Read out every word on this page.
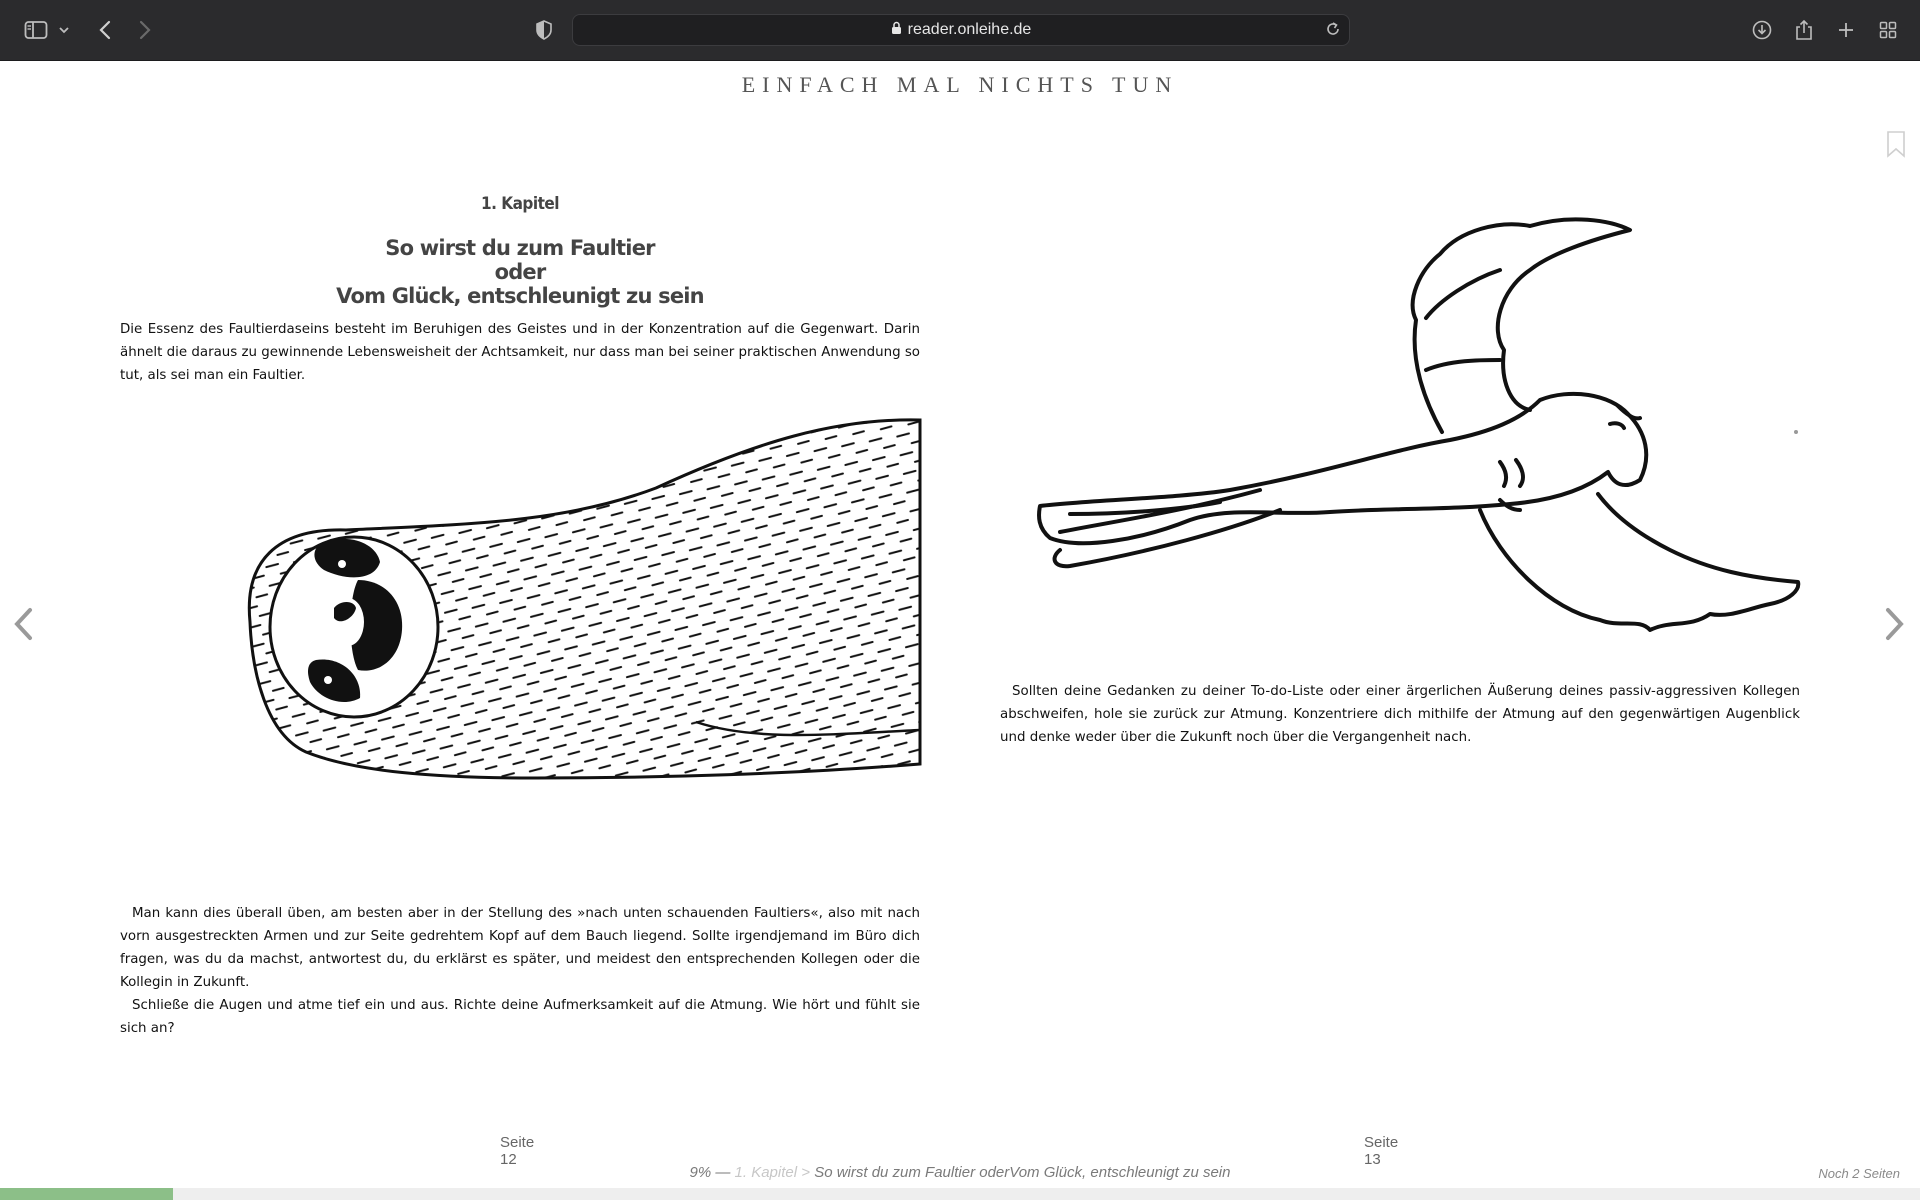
reader.onleihe.de
EINFACH MAL NICHTS TUN
1. Kapitel
So wirst du zum Faultier
oder
Vom Glück, entschleunigt zu sein

Die Essenz des Faultierdaseins besteht im Beruhigen des Geistes und in der Konzentration auf die Gegenwart. Darin ähnelt die daraus zu gewinnende Lebensweisheit der Achtsamkeit, nur dass man bei seiner praktischen Anwendung so tut, als sei man ein Faultier.

Man kann dies überall üben, am besten aber in der Stellung des »nach unten schauenden Faultiers«, also mit nach vorn ausgestreckten Armen und zur Seite gedrehtem Kopf auf dem Bauch liegend. Sollte irgendjemand im Büro dich fragen, was du da machst, antwortest du, du erklärst es später, und meidest den entsprechenden Kollegen oder die Kollegin in Zukunft.

Schließe die Augen und atme tief ein und aus. Richte deine Aufmerksamkeit auf die Atmung. Wie hört und fühlt sie sich an?

Seite 12

Sollten deine Gedanken zu deiner To-do-Liste oder einer ärgerlichen Äußerung deines passiv-aggressiven Kollegen abschweifen, hole sie zurück zur Atmung. Konzentriere dich mithilfe der Atmung auf den gegenwärtigen Augenblick und denke weder über die Zukunft noch über die Vergangenheit nach.

Seite 13
9% — 1. Kapitel > So wirst du zum Faultier oderVom Glück, entschleunigt zu sein	Noch 2 Seiten
